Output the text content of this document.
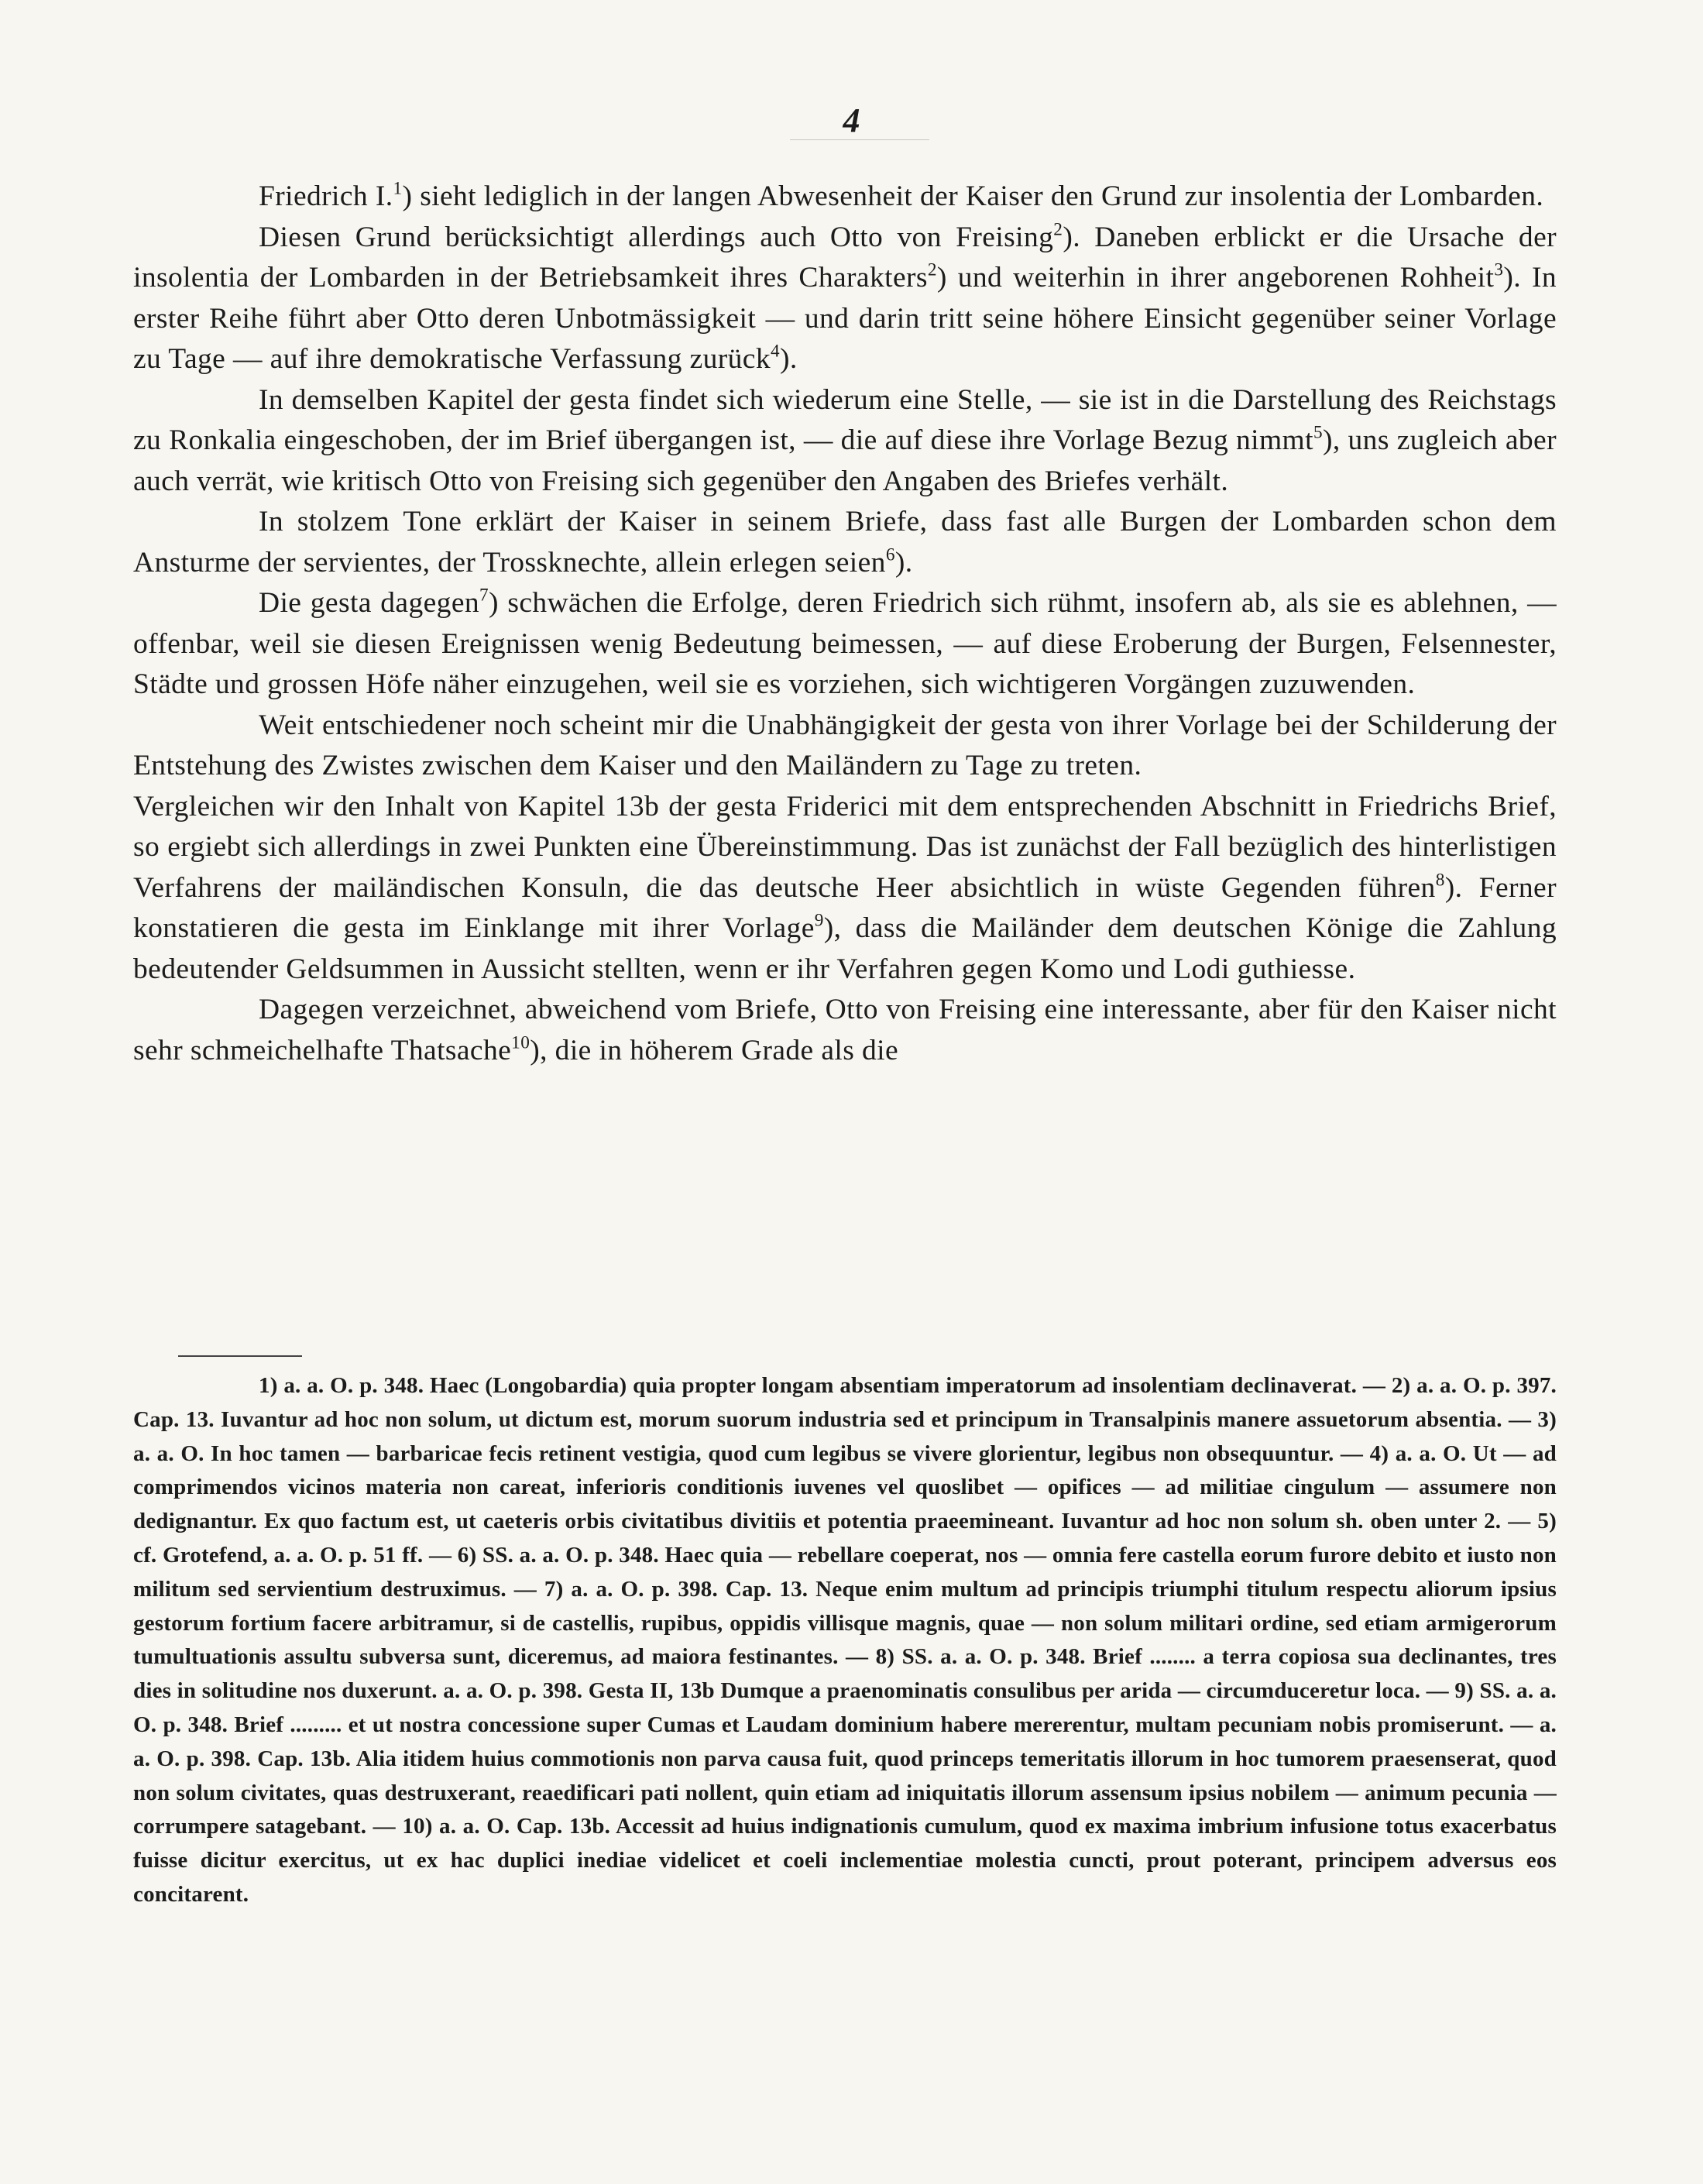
4

Friedrich I.$^1$) sieht lediglich in der langen Abwesenheit der Kaiser den Grund zur insolentia der Lombarden.

Diesen Grund berücksichtigt allerdings auch Otto von Freising$^2$). Daneben erblickt er die Ursache der insolentia der Lombarden in der Betriebsamkeit ihres Charakters$^2$) und weiterhin in ihrer angeborenen Rohheit$^3$). In erster Reihe führt aber Otto deren Unbotmässigkeit — und darin tritt seine höhere Einsicht gegenüber seiner Vorlage zu Tage — auf ihre demokratische Verfassung zurück$^4$).

In demselben Kapitel der gesta findet sich wiederum eine Stelle, — sie ist in die Darstellung des Reichstags zu Ronkalia eingeschoben, der im Brief übergangen ist, — die auf diese ihre Vorlage Bezug nimmt$^5$), uns zugleich aber auch verrät, wie kritisch Otto von Freising sich gegenüber den Angaben des Briefes verhält.

In stolzem Tone erklärt der Kaiser in seinem Briefe, dass fast alle Burgen der Lombarden schon dem Ansturme der servientes, der Trossknechte, allein erlegen seien$^6$).

Die gesta dagegen$^7$) schwächen die Erfolge, deren Friedrich sich rühmt, insofern ab, als sie es ablehnen, — offenbar, weil sie diesen Ereignissen wenig Bedeutung beimessen, — auf diese Eroberung der Burgen, Felsennester, Städte und grossen Höfe näher einzugehen, weil sie es vorziehen, sich wichtigeren Vorgängen zuzuwenden.

Weit entschiedener noch scheint mir die Unabhängigkeit der gesta von ihrer Vorlage bei der Schilderung der Entstehung des Zwistes zwischen dem Kaiser und den Mailändern zu Tage zu treten.

Vergleichen wir den Inhalt von Kapitel 13b der gesta Friderici mit dem entsprechenden Abschnitt in Friedrichs Brief, so ergiebt sich allerdings in zwei Punkten eine Übereinstimmung. Das ist zunächst der Fall bezüglich des hinterlistigen Verfahrens der mailändischen Konsuln, die das deutsche Heer absichtlich in wüste Gegenden führen$^8$). Ferner konstatieren die gesta im Einklange mit ihrer Vorlage$^9$), dass die Mailänder dem deutschen Könige die Zahlung bedeutender Geldsummen in Aussicht stellten, wenn er ihr Verfahren gegen Komo und Lodi guthiesse.

Dagegen verzeichnet, abweichend vom Briefe, Otto von Freising eine interessante, aber für den Kaiser nicht sehr schmeichelhafte Thatsache$^{10}$), die in höherem Grade als die

1) a. a. O. p. 348. Haec (Longobardia) quia propter longam absentiam imperatorum ad insolentiam declinaverat. — 2) a. a. O. p. 397. Cap. 13. Iuvantur ad hoc non solum, ut dictum est, morum suorum industria sed et principum in Transalpinis manere assuetorum absentia. — 3) a. a. O. In hoc tamen — barbaricae fecis retinent vestigia, quod cum legibus se vivere glorientur, legibus non obsequuntur. — 4) a. a. O. Ut — ad comprimendos vicinos materia non careat, inferioris conditionis iuvenes vel quoslibet — opifices — ad militiae cingulum — assumere non dedignantur. Ex quo factum est, ut caeteris orbis civitatibus divitiis et potentia praeemineant. Iuvantur ad hoc non solum sh. oben unter 2. — 5) cf. Grotefend, a. a. O. p. 51 ff. — 6) SS. a. a. O. p. 348. Haec quia — rebellare coeperat, nos — omnia fere castella eorum furore debito et iusto non militum sed servientium destruximus. — 7) a. a. O. p. 398. Cap. 13. Neque enim multum ad principis triumphi titulum respectu aliorum ipsius gestorum fortium facere arbitramur, si de castellis, rupibus, oppidis villisque magnis, quae — non solum militari ordine, sed etiam armigerorum tumultuationis assultu subversa sunt, diceremus, ad maiora festinantes. — 8) SS. a. a. O. p. 348. Brief ........ a terra copiosa sua declinantes, tres dies in solitudine nos duxerunt. a. a. O. p. 398. Gesta II, 13b Dumque a praenominatis consulibus per arida — circumduceretur loca. — 9) SS. a. a. O. p. 348. Brief ......... et ut nostra concessione super Cumas et Laudam dominium habere mererentur, multam pecuniam nobis promiserunt. — a. a. O. p. 398. Cap. 13b. Alia itidem huius commotionis non parva causa fuit, quod princeps temeritatis illorum in hoc tumorem praesenserat, quod non solum civitates, quas destruxerant, reaedificari pati nollent, quin etiam ad iniquitatis illorum assensum ipsius nobilem — animum pecunia — corrumpere satagebant. — 10) a. a. O. Cap. 13b. Accessit ad huius indignationis cumulum, quod ex maxima imbrium infusione totus exacerbatus fuisse dicitur exercitus, ut ex hac duplici inediae videlicet et coeli inclementiae molestia cuncti, prout poterant, principem adversus eos concitarent.
